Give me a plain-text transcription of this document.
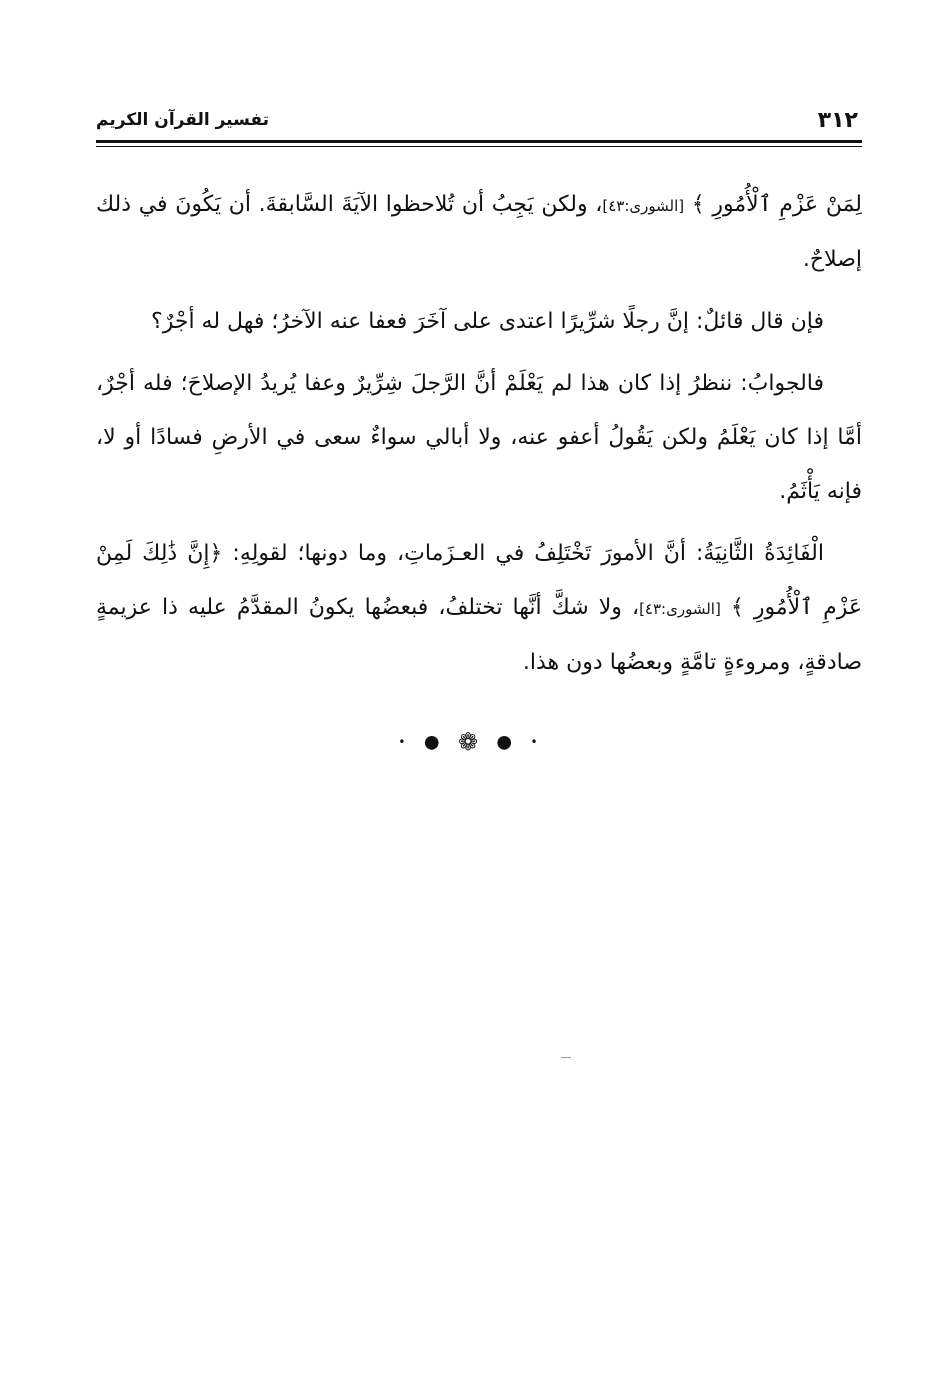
٣١٢
تفسير القرآن الكريم

لِمَنْ عَزْمِ ٱلْأُمُورِ ﴾ [الشورى:٤٣]، ولكن يَجِبُ أن تُلاحظوا الآيَةَ السَّابقةَ. أن يَكُونَ في ذلك إصلاحٌ.

فإن قال قائلٌ: إنَّ رجلًا شرِّيرًا اعتدى على آخَرَ فعفا عنه الآخرُ؛ فهل له أجْرٌ؟

فالجوابُ: ننظرُ إذا كان هذا لم يَعْلَمْ أنَّ الرَّجلَ شِرِّيرٌ وعفا يُريدُ الإصلاحَ؛ فله أجْرٌ، أمَّا إذا كان يَعْلَمُ ولكن يَقُولُ أعفو عنه، ولا أبالي سواءٌ سعى في الأرضِ فسادًا أو لا، فإنه يَأْثَمُ.

الْفَائِدَةُ الثَّانِيَةُ: أنَّ الأمورَ تَخْتَلِفُ في العـزَماتِ، وما دونها؛ لقولِهِ: ﴿إِنَّ ذَٰلِكَ لَمِنْ عَزْمِ ٱلْأُمُورِ ﴾ [الشورى:٤٣]، ولا شكَّ أنَّها تختلفُ، فبعضُها يكونُ المقدَّمُ عليه ذا عزيمةٍ صادقةٍ، ومروءةٍ تامَّةٍ وبعضُها دون هذا.

• ● ❁ ● •
